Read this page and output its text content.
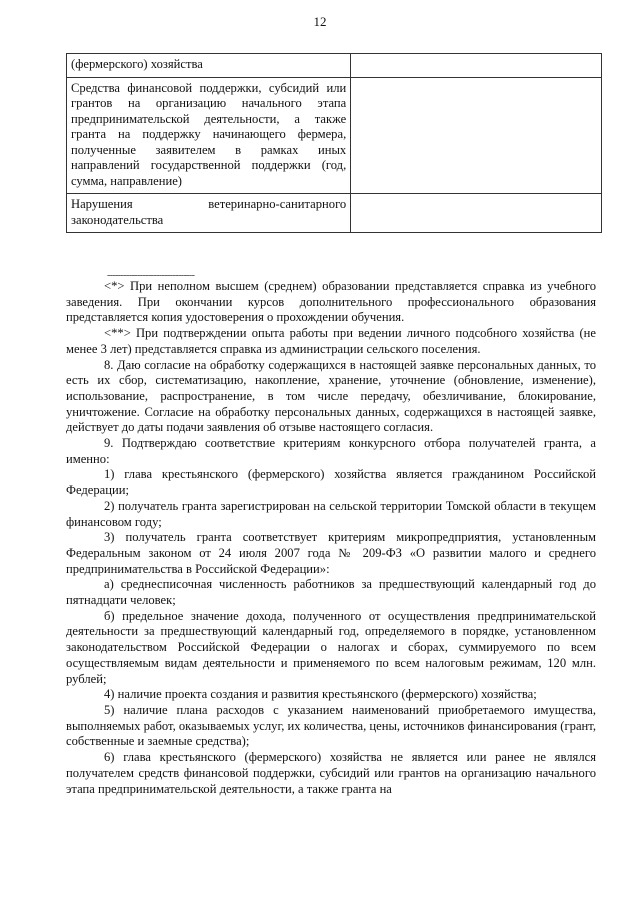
12
(фермерского) хозяйства	
Средства финансовой поддержки, субсидий или грантов на организацию начального этапа предпринимательской деятельности, а также гранта на поддержку начинающего фермера, полученные заявителем в рамках иных направлений государственной поддержки (год, сумма, направление)	
Нарушения ветеринарно-санитарного законодательства	
--------------------------------

<*> При неполном высшем (среднем) образовании представляется справка из учебного заведения. При окончании курсов дополнительного профессионального образования представляется копия удостоверения о прохождении обучения.

<**> При подтверждении опыта работы при ведении личного подсобного хозяйства (не менее 3 лет) представляется справка из администрации сельского поселения.

8. Даю согласие на обработку содержащихся в настоящей заявке персональных данных, то есть их сбор, систематизацию, накопление, хранение, уточнение (обновление, изменение), использование, распространение, в том числе передачу, обезличивание, блокирование, уничтожение. Согласие на обработку персональных данных, содержащихся в настоящей заявке, действует до даты подачи заявления об отзыве настоящего согласия.

9. Подтверждаю соответствие критериям конкурсного отбора получателей гранта, а именно:

1) глава крестьянского (фермерского) хозяйства является гражданином Российской Федерации;

2) получатель гранта зарегистрирован на сельской территории Томской области в текущем финансовом году;

3) получатель гранта соответствует критериям микропредприятия, установленным Федеральным законом от 24 июля 2007 года № 209-ФЗ «О развитии малого и среднего предпринимательства в Российской Федерации»:

а) среднесписочная численность работников за предшествующий календарный год до пятнадцати человек;

б) предельное значение дохода, полученного от осуществления предпринимательской деятельности за предшествующий календарный год, определяемого в порядке, установленном законодательством Российской Федерации о налогах и сборах, суммируемого по всем осуществляемым видам деятельности и применяемого по всем налоговым режимам, 120 млн. рублей;

4) наличие проекта создания и развития крестьянского (фермерского) хозяйства;

5) наличие плана расходов с указанием наименований приобретаемого имущества, выполняемых работ, оказываемых услуг, их количества, цены, источников финансирования (грант, собственные и заемные средства);

6) глава крестьянского (фермерского) хозяйства не является или ранее не являлся получателем средств финансовой поддержки, субсидий или грантов на организацию начального этапа предпринимательской деятельности, а также гранта на
